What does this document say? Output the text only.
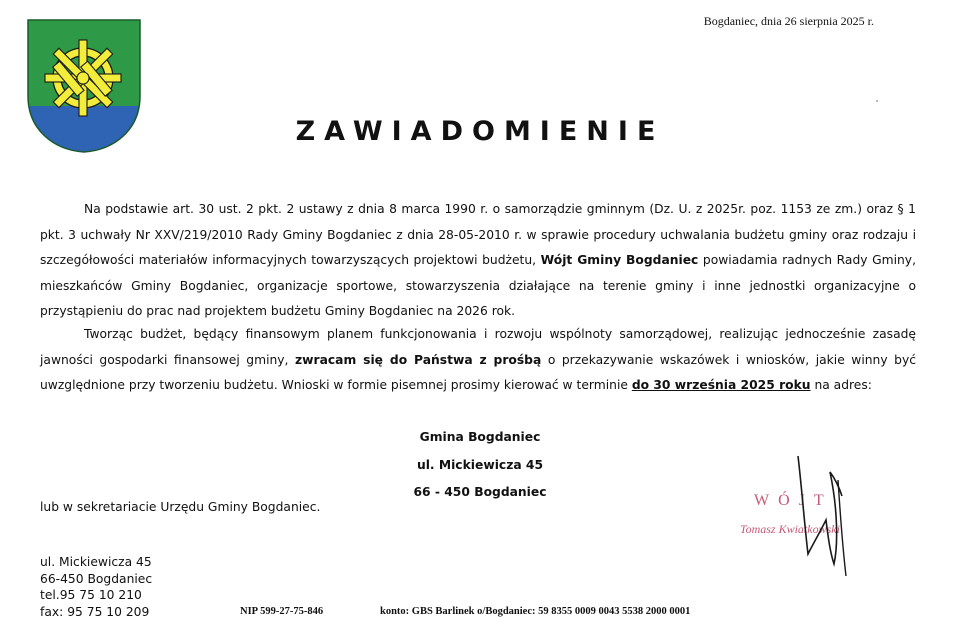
Bogdaniec, dnia 26 sierpnia 2025 r.
ZAWIADOMIENIE
Na podstawie art. 30 ust. 2 pkt. 2 ustawy z dnia 8 marca 1990 r. o samorządzie gminnym (Dz. U. z 2025r. poz. 1153 ze zm.) oraz § 1 pkt. 3 uchwały Nr XXV/219/2010 Rady Gminy Bogdaniec z dnia 28-05-2010 r. w sprawie procedury uchwalania budżetu gminy oraz rodzaju i szczegółowości materiałów informacyjnych towarzyszących projektowi budżetu, Wójt Gminy Bogdaniec powiadamia radnych Rady Gminy, mieszkańców Gminy Bogdaniec, organizacje sportowe, stowarzyszenia działające na terenie gminy i inne jednostki organizacyjne o przystąpieniu do prac nad projektem budżetu Gminy Bogdaniec na 2026 rok.
Tworząc budżet, będący finansowym planem funkcjonowania i rozwoju wspólnoty samorządowej, realizując jednocześnie zasadę jawności gospodarki finansowej gminy, zwracam się do Państwa z prośbą o przekazywanie wskazówek i wniosków, jakie winny być uwzględnione przy tworzeniu budżetu. Wnioski w formie pisemnej prosimy kierować w terminie do 30 września 2025 roku na adres:
Gmina Bogdaniec
ul. Mickiewicza 45
66 - 450 Bogdaniec
lub w sekretariacie Urzędu Gminy Bogdaniec.	WÓJT
Tomasz Kwiatkowski
ul. Mickiewicza 45
66-450 Bogdaniec
tel.95 75 10 210
fax: 95 75 10 209	NIP 599-27-75-846	konto: GBS Barlinek o/Bogdaniec: 59 8355 0009 0043 5538 2000 0001
